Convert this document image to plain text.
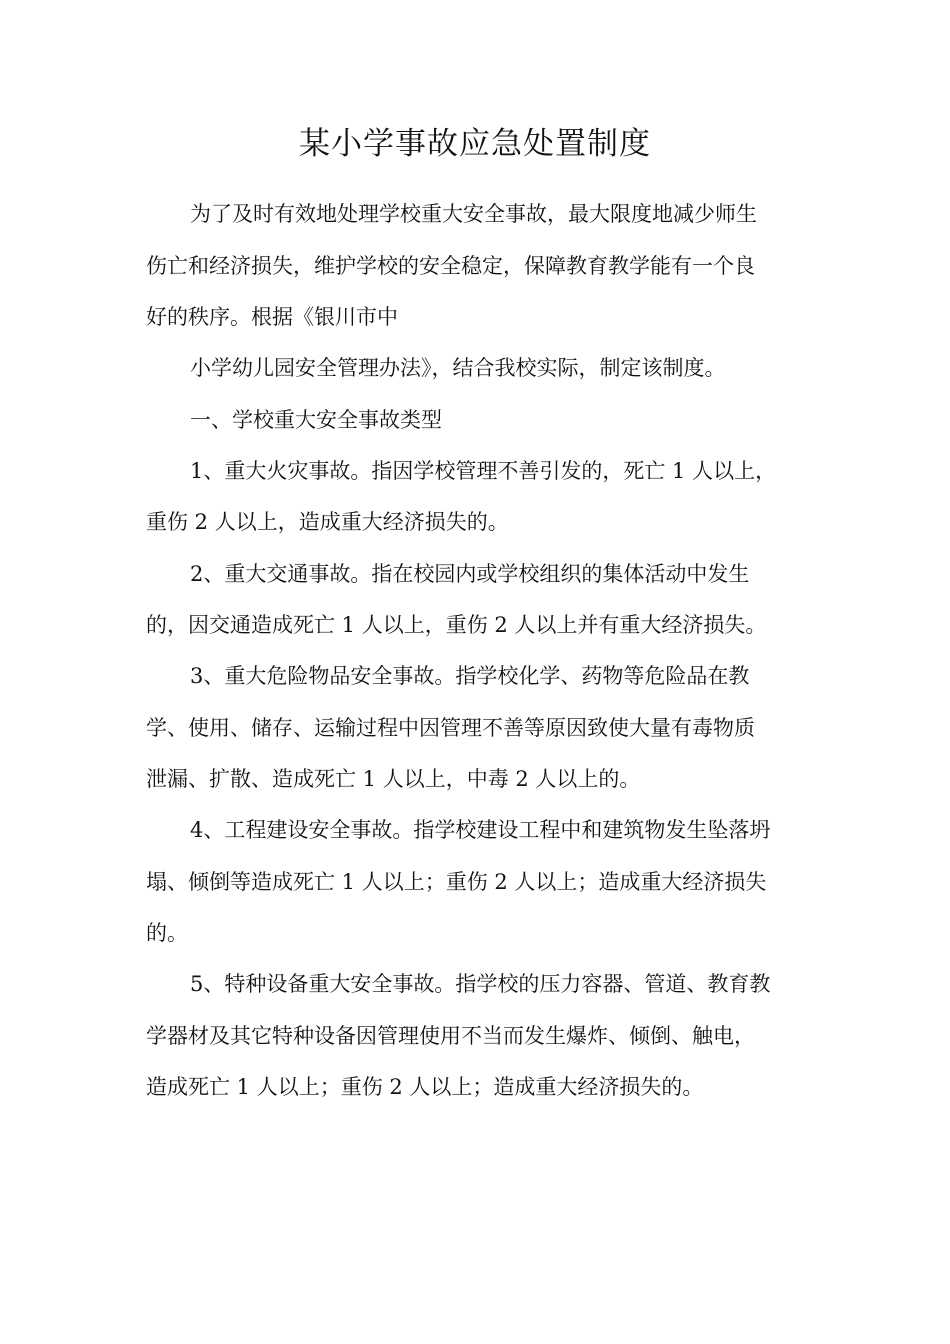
某小学事故应急处置制度
为了及时有效地处理学校重大安全事故，最大限度地减少师生
伤亡和经济损失，维护学校的安全稳定，保障教育教学能有一个良
好的秩序。根据《银川市中
小学幼儿园安全管理办法》，结合我校实际，制定该制度。
一、学校重大安全事故类型
1、重大火灾事故。指因学校管理不善引发的，死亡 1 人以上，
重伤 2 人以上，造成重大经济损失的。
2、重大交通事故。指在校园内或学校组织的集体活动中发生
的，因交通造成死亡 1 人以上，重伤 2 人以上并有重大经济损失。
3、重大危险物品安全事故。指学校化学、药物等危险品在教
学、使用、储存、运输过程中因管理不善等原因致使大量有毒物质
泄漏、扩散、造成死亡 1 人以上，中毒 2 人以上的。
4、工程建设安全事故。指学校建设工程中和建筑物发生坠落坍
塌、倾倒等造成死亡 1 人以上；重伤 2 人以上；造成重大经济损失
的。
5、特种设备重大安全事故。指学校的压力容器、管道、教育教
学器材及其它特种设备因管理使用不当而发生爆炸、倾倒、触电，
造成死亡 1 人以上；重伤 2 人以上；造成重大经济损失的。
